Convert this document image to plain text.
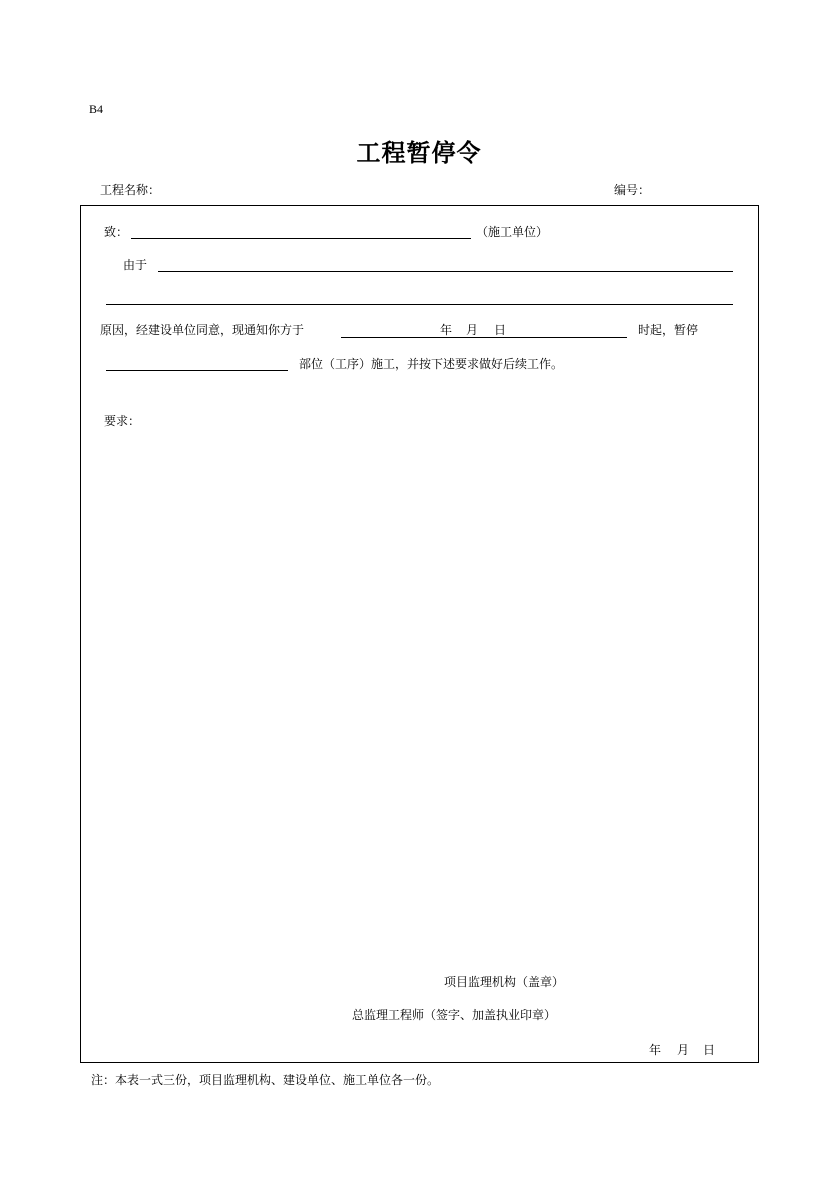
B4
工程暂停令
工程名称：	编号：
致：	（施工单位）
由于
原因，经建设单位同意，现通知你方于	年 月 日	时起，暂停
部位（工序）施工，并按下述要求做好后续工作。
要求：
项目监理机构（盖章）
总监理工程师（签字、加盖执业印章）
年 月 日
注：本表一式三份，项目监理机构、建设单位、施工单位各一份。
